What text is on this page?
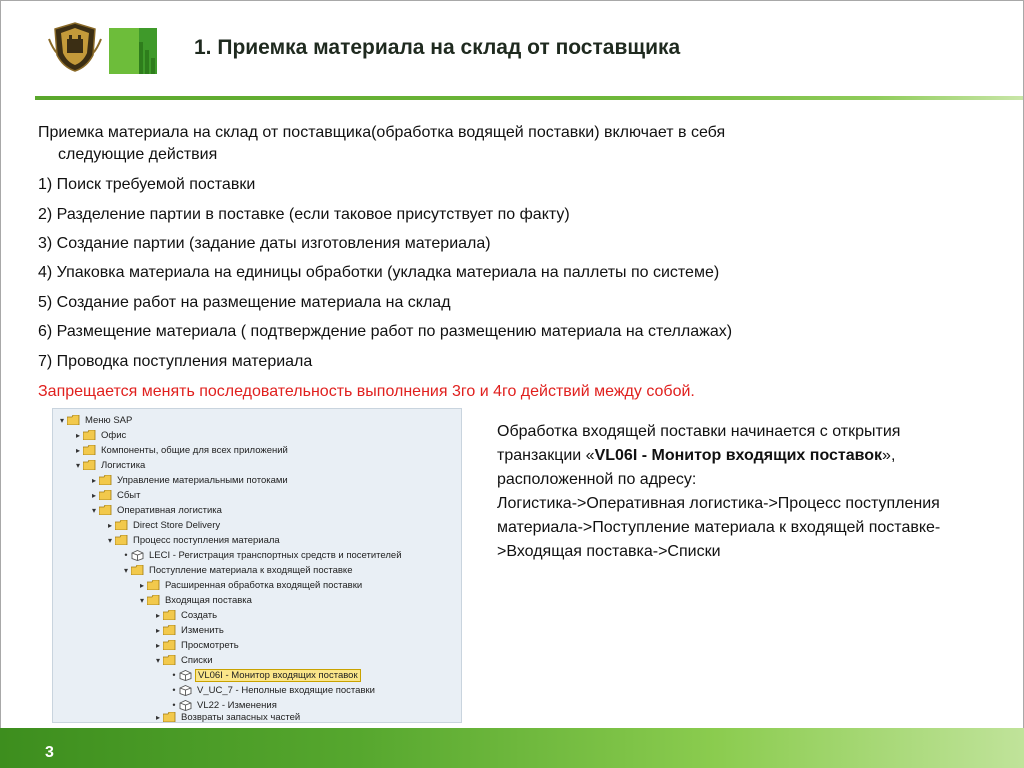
1. Приемка материала на склад от поставщика
Приемка материала на склад от поставщика(обработка водящей поставки) включает в себя
следующие действия
1) Поиск требуемой поставки
2) Разделение партии в поставке (если таковое присутствует по факту)
3) Создание партии (задание даты изготовления материала)
4) Упаковка материала на единицы обработки (укладка материала на паллеты по системе)
5) Создание работ на размещение материала на склад
6) Размещение материала ( подтверждение работ по размещению материала на стеллажах)
7) Проводка поступления материала
Запрещается менять последовательность выполнения 3го и 4го действий между собой.
▾	Меню SAP
▸	Офис
▸	Компоненты, общие для всех приложений
▾	Логистика
▸	Управление материальными потоками
▸	Сбыт
▾	Оперативная логистика
▸	Direct Store Delivery
▾	Процесс поступления материала
•	LECI - Регистрация транспортных средств и посетителей
▾	Поступление материала к входящей поставке
▸	Расширенная обработка входящей поставки
▾	Входящая поставка
▸	Создать
▸	Изменить
▸	Просмотреть
▾	Списки
•	VL06I - Монитор входящих поставок
•	V_UC_7 - Неполные входящие поставки
•	VL22 - Изменения
▸	Возвраты запасных частей

Обработка входящей поставки начинается с открытия транзакции «VL06I - Монитор входящих поставок», расположенной по адресу:

Логистика->Оперативная логистика->Процесс поступления материала->Поступление материала к входящей поставке->Входящая поставка->Списки

3
